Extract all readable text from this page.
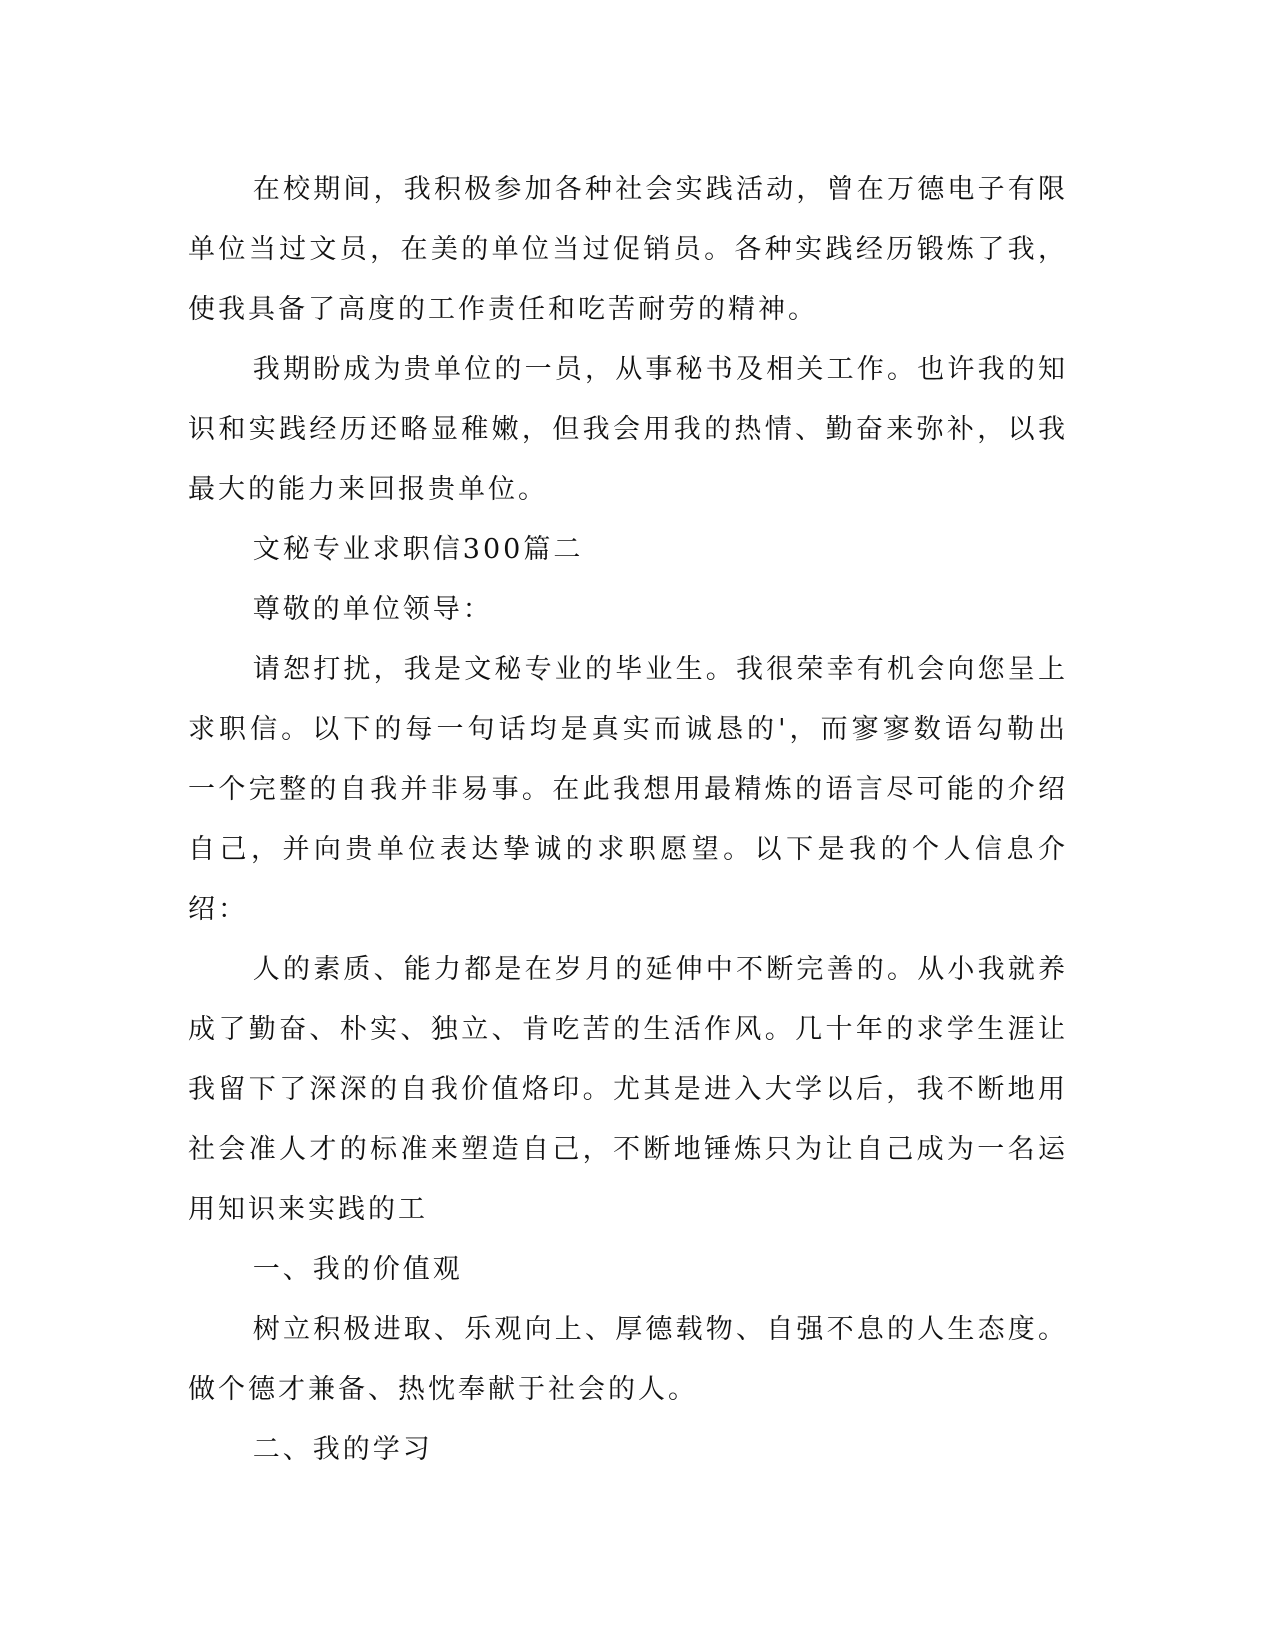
在校期间，我积极参加各种社会实践活动，曾在万德电子有限单位当过文员，在美的单位当过促销员。各种实践经历锻炼了我，使我具备了高度的工作责任和吃苦耐劳的精神。

我期盼成为贵单位的一员，从事秘书及相关工作。也许我的知识和实践经历还略显稚嫩，但我会用我的热情、勤奋来弥补，以我最大的能力来回报贵单位。

文秘专业求职信300篇二

尊敬的单位领导：

请恕打扰，我是文秘专业的毕业生。我很荣幸有机会向您呈上求职信。以下的每一句话均是真实而诚恳的'，而寥寥数语勾勒出一个完整的自我并非易事。在此我想用最精炼的语言尽可能的介绍自己，并向贵单位表达挚诚的求职愿望。以下是我的个人信息介绍：

人的素质、能力都是在岁月的延伸中不断完善的。从小我就养成了勤奋、朴实、独立、肯吃苦的生活作风。几十年的求学生涯让我留下了深深的自我价值烙印。尤其是进入大学以后，我不断地用社会准人才的标准来塑造自己，不断地锤炼只为让自己成为一名运用知识来实践的工

一、我的价值观

树立积极进取、乐观向上、厚德载物、自强不息的人生态度。做个德才兼备、热忱奉献于社会的人。

二、我的学习
